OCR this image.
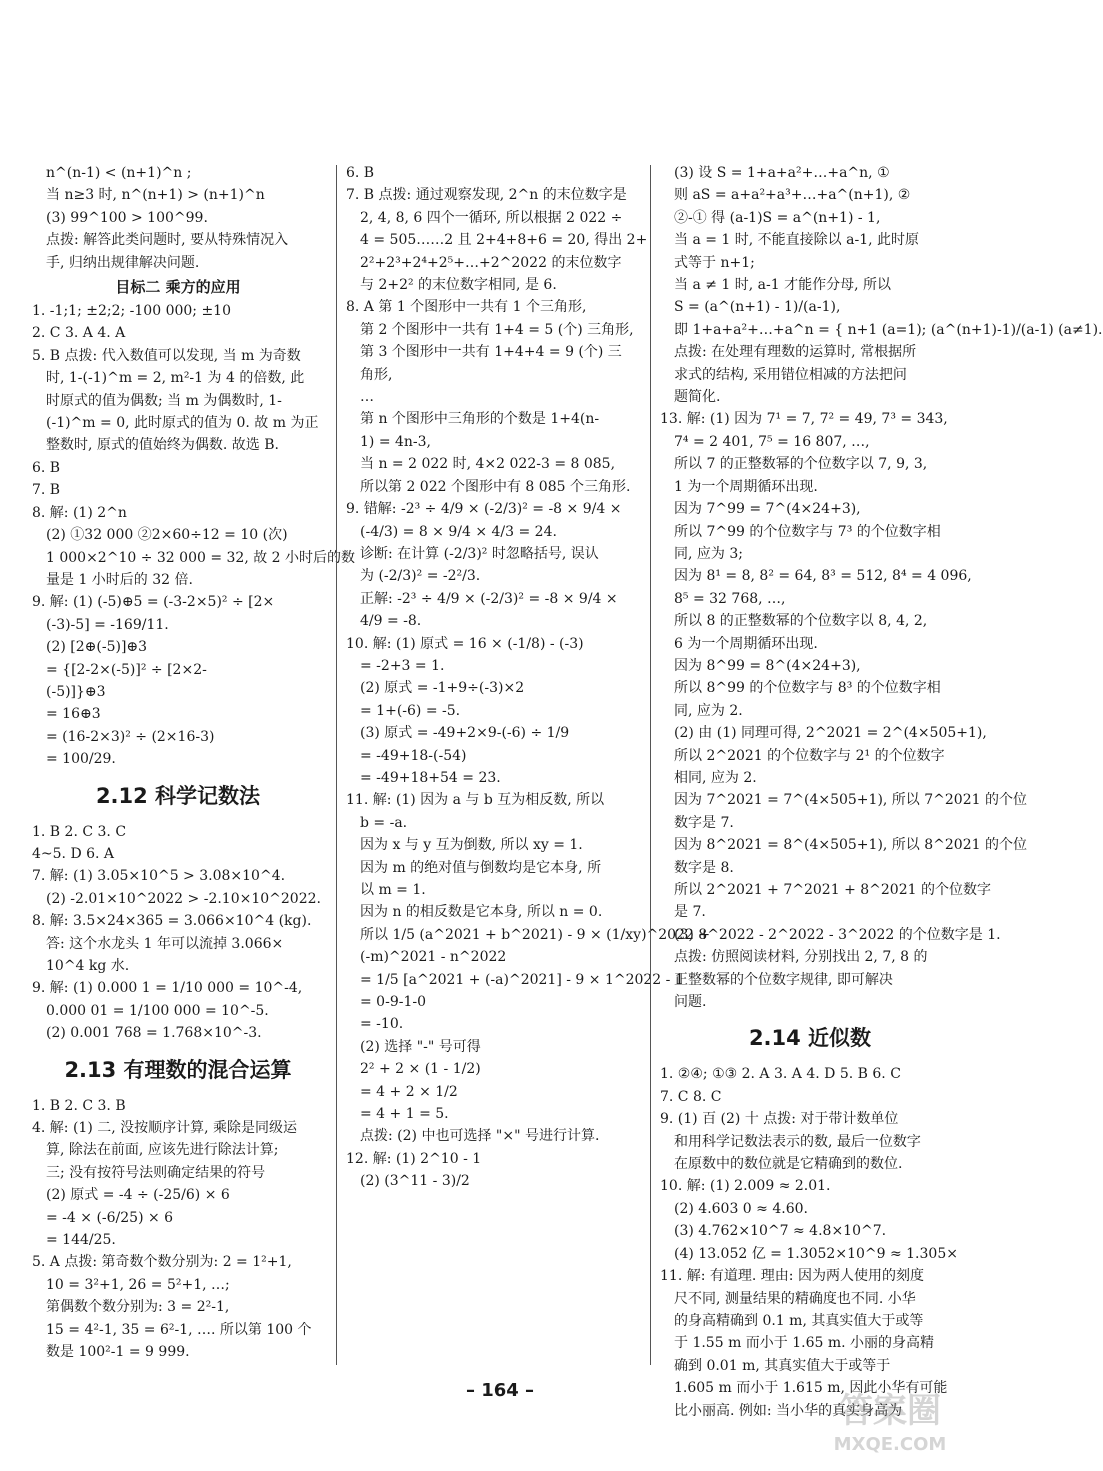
n^(n-1) < (n+1)^n ;
当 n≥3 时, n^(n+1) > (n+1)^n
(3) 99^100 > 100^99.
点拨: 解答此类问题时, 要从特殊情况入
手, 归纳出规律解决问题.
目标二 乘方的应用
1. -1;1; ±2;2; -100 000; ±10
2. C 3. A 4. A
5. B 点拨: 代入数值可以发现, 当 m 为奇数
时, 1-(-1)^m = 2, m²-1 为 4 的倍数, 此
时原式的值为偶数; 当 m 为偶数时, 1-
(-1)^m = 0, 此时原式的值为 0. 故 m 为正
整数时, 原式的值始终为偶数. 故选 B.
6. B
7. B
8. 解: (1) 2^n
(2) ①32 000 ②2×60÷12 = 10 (次)
1 000×2^10 ÷ 32 000 = 32, 故 2 小时后的数
量是 1 小时后的 32 倍.
9. 解: (1) (-5)⊕5 = (-3-2×5)² ÷ [2×
(-3)-5] = -169/11.
(2) [2⊕(-5)]⊕3
= {[2-2×(-5)]² ÷ [2×2-
(-5)]}⊕3
= 16⊕3
= (16-2×3)² ÷ (2×16-3)
= 100/29.
2.12 科学记数法
1. B 2. C 3. C
4~5. D 6. A
7. 解: (1) 3.05×10^5 > 3.08×10^4.
(2) -2.01×10^2022 > -2.10×10^2022.
8. 解: 3.5×24×365 = 3.066×10^4 (kg).
答: 这个水龙头 1 年可以流掉 3.066×
10^4 kg 水.
9. 解: (1) 0.000 1 = 1/10 000 = 10^-4,
0.000 01 = 1/100 000 = 10^-5.
(2) 0.001 768 = 1.768×10^-3.
2.13 有理数的混合运算
1. B 2. C 3. B
4. 解: (1) 二, 没按顺序计算, 乘除是同级运
算, 除法在前面, 应该先进行除法计算;
三; 没有按符号法则确定结果的符号
(2) 原式 = -4 ÷ (-25/6) × 6
= -4 × (-6/25) × 6
= 144/25.
5. A 点拨: 第奇数个数分别为: 2 = 1²+1,
10 = 3²+1, 26 = 5²+1, …;
第偶数个数分别为: 3 = 2²-1,
15 = 4²-1, 35 = 6²-1, …. 所以第 100 个
数是 100²-1 = 9 999.
6. B
7. B 点拨: 通过观察发现, 2^n 的末位数字是
2, 4, 8, 6 四个一循环, 所以根据 2 022 ÷
4 = 505……2 且 2+4+8+6 = 20, 得出 2+
2²+2³+2⁴+2⁵+…+2^2022 的末位数字
与 2+2² 的末位数字相同, 是 6.
8. A 第 1 个图形中一共有 1 个三角形,
第 2 个图形中一共有 1+4 = 5 (个) 三角形,
第 3 个图形中一共有 1+4+4 = 9 (个) 三
角形,
…
第 n 个图形中三角形的个数是 1+4(n-
1) = 4n-3,
当 n = 2 022 时, 4×2 022-3 = 8 085,
所以第 2 022 个图形中有 8 085 个三角形.
9. 错解: -2³ ÷ 4/9 × (-2/3)² = -8 × 9/4 ×
(-4/3) = 8 × 9/4 × 4/3 = 24.
诊断: 在计算 (-2/3)² 时忽略括号, 误认
为 (-2/3)² = -2²/3.
正解: -2³ ÷ 4/9 × (-2/3)² = -8 × 9/4 ×
4/9 = -8.
10. 解: (1) 原式 = 16 × (-1/8) - (-3)
= -2+3 = 1.
(2) 原式 = -1+9÷(-3)×2
= 1+(-6) = -5.
(3) 原式 = -49+2×9-(-6) ÷ 1/9
= -49+18-(-54)
= -49+18+54 = 23.
11. 解: (1) 因为 a 与 b 互为相反数, 所以
b = -a.
因为 x 与 y 互为倒数, 所以 xy = 1.
因为 m 的绝对值与倒数均是它本身, 所
以 m = 1.
因为 n 的相反数是它本身, 所以 n = 0.
所以 1/5 (a^2021 + b^2021) - 9 × (1/xy)^2022 +
(-m)^2021 - n^2022
= 1/5 [a^2021 + (-a)^2021] - 9 × 1^2022 - 1
= 0-9-1-0
= -10.
(2) 选择 "-" 号可得
2² + 2 × (1 - 1/2)
= 4 + 2 × 1/2
= 4 + 1 = 5.
点拨: (2) 中也可选择 "×" 号进行计算.
12. 解: (1) 2^10 - 1
(2) (3^11 - 3)/2
(3) 设 S = 1+a+a²+…+a^n, ①
则 aS = a+a²+a³+…+a^(n+1), ②
②-① 得 (a-1)S = a^(n+1) - 1,
当 a = 1 时, 不能直接除以 a-1, 此时原
式等于 n+1;
当 a ≠ 1 时, a-1 才能作分母, 所以
S = (a^(n+1) - 1)/(a-1),
即 1+a+a²+…+a^n = { n+1 (a=1); (a^(n+1)-1)/(a-1) (a≠1).
点拨: 在处理有理数的运算时, 常根据所
求式的结构, 采用错位相减的方法把问
题简化.
13. 解: (1) 因为 7¹ = 7, 7² = 49, 7³ = 343,
7⁴ = 2 401, 7⁵ = 16 807, …,
所以 7 的正整数幂的个位数字以 7, 9, 3,
1 为一个周期循环出现.
因为 7^99 = 7^(4×24+3),
所以 7^99 的个位数字与 7³ 的个位数字相
同, 应为 3;
因为 8¹ = 8, 8² = 64, 8³ = 512, 8⁴ = 4 096,
8⁵ = 32 768, …,
所以 8 的正整数幂的个位数字以 8, 4, 2,
6 为一个周期循环出现.
因为 8^99 = 8^(4×24+3),
所以 8^99 的个位数字与 8³ 的个位数字相
同, 应为 2.
(2) 由 (1) 同理可得, 2^2021 = 2^(4×505+1),
所以 2^2021 的个位数字与 2¹ 的个位数字
相同, 应为 2.
因为 7^2021 = 7^(4×505+1), 所以 7^2021 的个位
数字是 7.
因为 8^2021 = 8^(4×505+1), 所以 8^2021 的个位
数字是 8.
所以 2^2021 + 7^2021 + 8^2021 的个位数字
是 7.
(3) 8^2022 - 2^2022 - 3^2022 的个位数字是 1.
点拨: 仿照阅读材料, 分别找出 2, 7, 8 的
正整数幂的个位数字规律, 即可解决
问题.
2.14 近似数
1. ②④; ①③ 2. A 3. A 4. D 5. B 6. C
7. C 8. C
9. (1) 百 (2) 十 点拨: 对于带计数单位
和用科学记数法表示的数, 最后一位数字
在原数中的数位就是它精确到的数位.
10. 解: (1) 2.009 ≈ 2.01.
(2) 4.603 0 ≈ 4.60.
(3) 4.762×10^7 ≈ 4.8×10^7.
(4) 13.052 亿 = 1.3052×10^9 ≈ 1.305×
11. 解: 有道理. 理由: 因为两人使用的刻度
尺不同, 测量结果的精确度也不同. 小华
的身高精确到 0.1 m, 其真实值大于或等
于 1.55 m 而小于 1.65 m. 小丽的身高精
确到 0.01 m, 其真实值大于或等于
1.605 m 而小于 1.615 m, 因此小华有可能
比小丽高. 例如: 当小华的真实身高为
– 164 –
答案圈
MXQE.COM
